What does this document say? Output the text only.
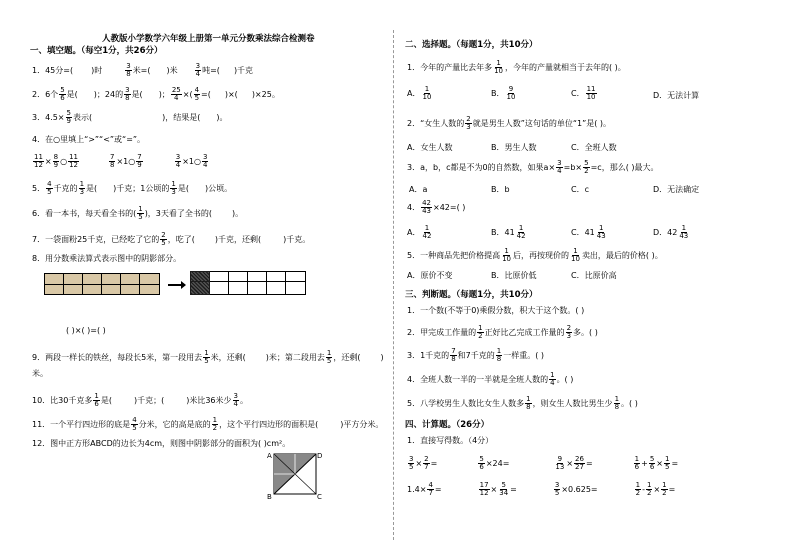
人教版小学数学六年级上册第一单元分数乘法综合检测卷
一、填空题。（每空1分，共26分）
1．45分=( )时	$\frac{3}{8}$ 米=( )米 $\frac{3}{4}$ 吨=( )千克
2．6个 $\frac{5}{6}$ 是( )；24的 $\frac{3}{8}$ 是( )； $\frac{25}{4}$ ×( $\frac{4}{5}$ =( )×( )×25。
3．$4.5\times \frac{5}{9}$ 表示(	)， 结果是( )。
4．在○里填上“>”“<”或“=”。
$\frac{11}{12} \times \frac{8}{9}$ ○ $\frac{11}{12}$	$\frac{7}{8} \times 1$ ○ $\frac{7}{9}$	$\frac{3}{4}$ ×1○ $\frac{3}{4}$
5． $\frac{4}{5}$ 千克的 $\frac{1}{3}$ 是( )千克；1 公顷的 $\frac{1}{3}$ 是( )公顷。
6．看一本书，每天看全书的( $\frac{1}{5}$ )，3天看了全书的(	)。
7．一袋面粉25千克，已经吃了它的 $\frac{2}{5}$ ，吃了(	)千克，还剩(	)千克。
8．用分数乘法算式表示图中的阴影部分。
( )×( )=( )
9．两段一样长的铁丝，每段长5米，第一段用去 $\frac{1}{5}$ 米，还剩(	)米；第二段用去 $\frac{1}{5}$ ，还剩(	)
米。
10．比30千克多 $\frac{1}{6}$ 是(	)千克；(	)米比36米少 $\frac{3}{4}$ 。
11．一个平行四边形的底是 $\frac{4}{5}$ 分米，它的高是底的 $\frac{1}{2}$ ，这个平行四边形的面积是(	)平方分米。
12．图中正方形ABCD的边长为4cm，则图中阴影部分的面积为( )cm²。
A	D
B	C
二、选择题。（每题1分，共10分）
1．今年的产量比去年多 $\frac{1}{10}$ ，今年的产量就相当于去年的( )。
A． $\frac{1}{10}$	B． $\frac{9}{10}$	C． $\frac{11}{10}$	D．无法计算
2．“女生人数的 $\frac{2}{3}$ 就是男生人数”这句话的单位“1”是( )。
A．女生人数	B．男生人数	C．全班人数
3．a，b，c都是不为0的自然数，如果$a\times \frac{3}{4} =b\times \frac{5}{2} =c$，那么( )最大。
A．a	B．b	C．c	D．无法确定
4． $\frac{42}{43} \times 42=$( )
A． $\frac{1}{42}$	B．$41 \frac{1}{42}$	C．$41 \frac{1}{43}$	D．$42 \frac{1}{43}$
5．一种商品先把价格提高 $\frac{1}{10}$ 后，再按现价的 $\frac{1}{10}$ 卖出，最后的价格( )。
A．原价不变	B．比原价低	C．比原价高
三、判断题。（每题1分，共10分）
1．一个数(不等于0)乘假分数，积大于这个数。( )
2．甲完成工作量的 $\frac{1}{2}$ 正好比乙完成工作量的 $\frac{2}{3}$ 多。( )
3．1千克的 $\frac{7}{8}$ 和7千克的 $\frac{1}{8}$ 一样重。( )
4．全班人数一半的一半就是全班人数的 $\frac{1}{4}$ 。( )
5．八学校男生人数比女生人数多 $\frac{1}{8}$ ，则女生人数比男生少 $\frac{1}{8}$ 。( )
四、计算题。（26分）
1．直接写得数。（4分）
$\frac{3}{5} \times \frac{2}{7}$ =	$\frac{5}{6} \times 24=$	$\frac{9}{13} \times \frac{26}{27}$ =	$\frac{1}{6} + \frac{5}{6} \times \frac{1}{5}$ =
$1.4\times \frac{4}{7}$ =	$\frac{17}{12} \times \frac{5}{34}$ =	$\frac{3}{5} \times 0.625=$	$\frac{1}{2} - \frac{1}{2} \times \frac{1}{2}$ =
